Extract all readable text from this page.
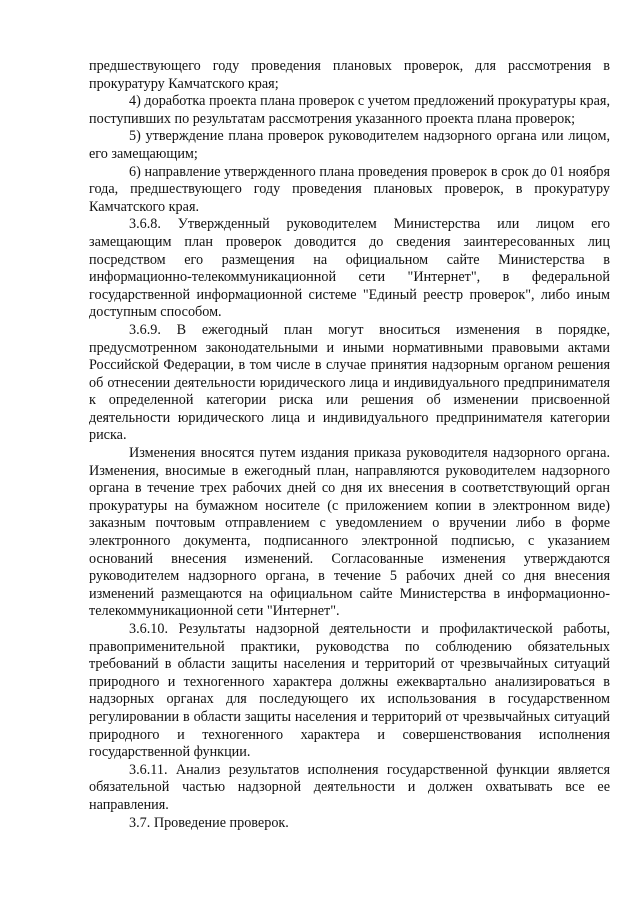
предшествующего году проведения плановых проверок, для рассмотрения в прокуратуру Камчатского края;

4) доработка проекта плана проверок с учетом предложений прокуратуры края, поступивших по результатам рассмотрения указанного проекта плана проверок;

5) утверждение плана проверок руководителем надзорного органа или лицом, его замещающим;

6) направление утвержденного плана проведения проверок в срок до 01 ноября года, предшествующего году проведения плановых проверок, в прокуратуру Камчатского края.

3.6.8. Утвержденный руководителем Министерства или лицом его замещающим план проверок доводится до сведения заинтересованных лиц посредством его размещения на официальном сайте Министерства в информационно-телекоммуникационной сети "Интернет", в федеральной государственной информационной системе "Единый реестр проверок", либо иным доступным способом.

3.6.9. В ежегодный план могут вноситься изменения в порядке, предусмотренном законодательными и иными нормативными правовыми актами Российской Федерации, в том числе в случае принятия надзорным органом решения об отнесении деятельности юридического лица и индивидуального предпринимателя к определенной категории риска или решения об изменении присвоенной деятельности юридического лица и индивидуального предпринимателя категории риска.

Изменения вносятся путем издания приказа руководителя надзорного органа. Изменения, вносимые в ежегодный план, направляются руководителем надзорного органа в течение трех рабочих дней со дня их внесения в соответствующий орган прокуратуры на бумажном носителе (с приложением копии в электронном виде) заказным почтовым отправлением с уведомлением о вручении либо в форме электронного документа, подписанного электронной подписью, с указанием оснований внесения изменений. Согласованные изменения утверждаются руководителем надзорного органа, в течение 5 рабочих дней со дня внесения изменений размещаются на официальном сайте Министерства в информационно-телекоммуникационной сети "Интернет".

3.6.10. Результаты надзорной деятельности и профилактической работы, правоприменительной практики, руководства по соблюдению обязательных требований в области защиты населения и территорий от чрезвычайных ситуаций природного и техногенного характера должны ежеквартально анализироваться в надзорных органах для последующего их использования в государственном регулировании в области защиты населения и территорий от чрезвычайных ситуаций природного и техногенного характера и совершенствования исполнения государственной функции.

3.6.11. Анализ результатов исполнения государственной функции является обязательной частью надзорной деятельности и должен охватывать все ее направления.

3.7. Проведение проверок.
